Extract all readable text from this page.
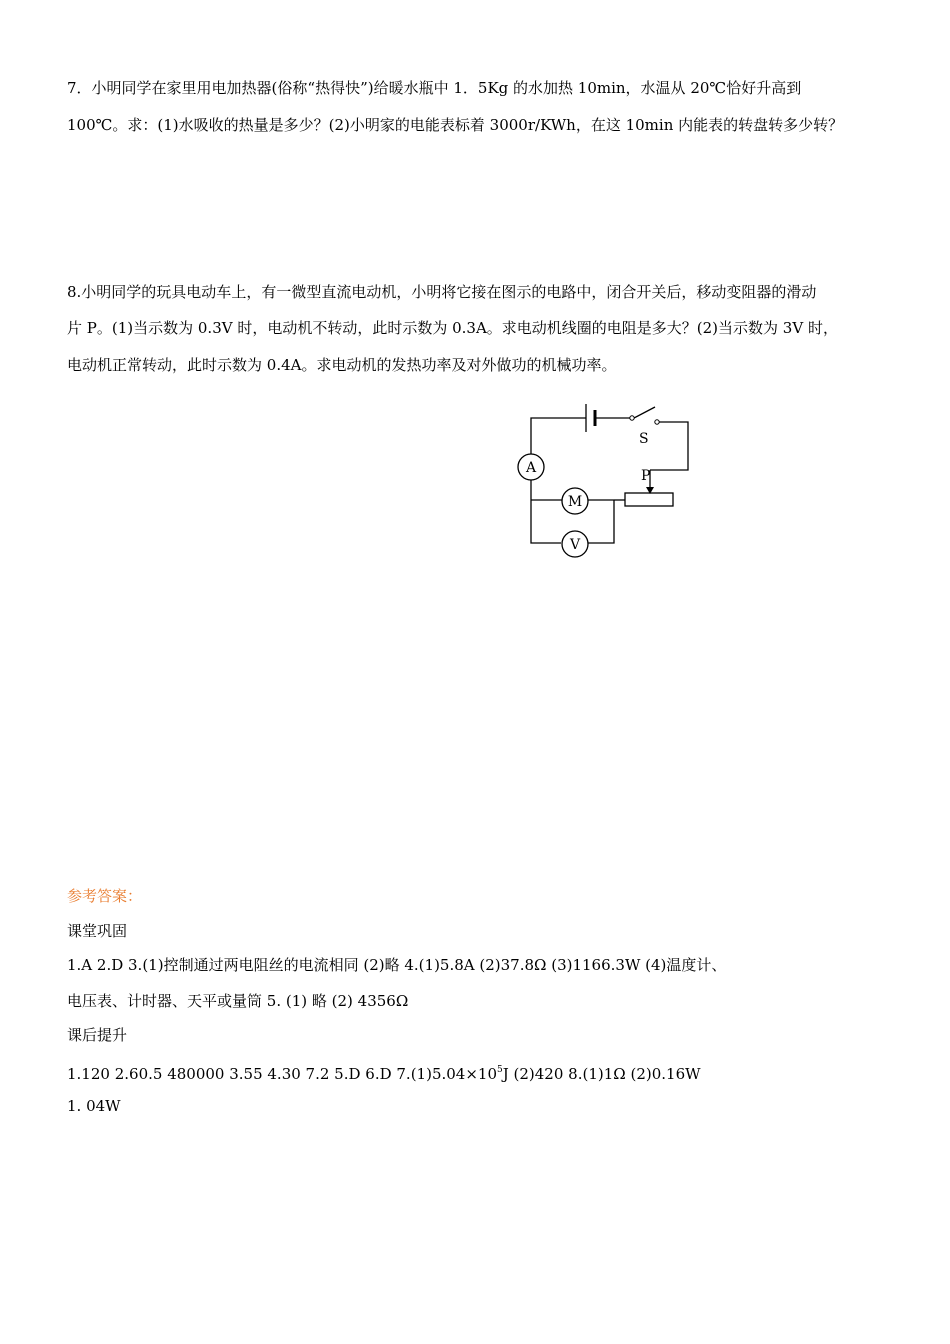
7．小明同学在家里用电加热器(俗称“热得快”)给暖水瓶中 1．5Kg 的水加热 10min，水温从 20℃恰好升高到
100℃。求：(1)水吸收的热量是多少？(2)小明家的电能表标着 3000r/KWh，在这 10min 内能表的转盘转多少转？
8.小明同学的玩具电动车上，有一微型直流电动机，小明将它接在图示的电路中，闭合开关后，移动变阻器的滑动
片 P。(1)当示数为 0.3V 时，电动机不转动，此时示数为 0.3A。求电动机线圈的电阻是多大？(2)当示数为 3V 时，
电动机正常转动，此时示数为 0.4A。求电动机的发热功率及对外做功的机械功率。
S
P
A
M
V
参考答案：
课堂巩固
1.A 2.D 3.(1)控制通过两电阻丝的电流相同 (2)略 4.(1)5.8A (2)37.8Ω (3)1166.3W (4)温度计、
电压表、计时器、天平或量筒 5. (1) 略 (2) 4356Ω
课后提升
1.120 2.60.5 480000 3.55 4.30 7.2 5.D 6.D $7.(1)5.04\times 10^5J$ (2)420 8.(1)1Ω (2)0.16W
1. 04W
